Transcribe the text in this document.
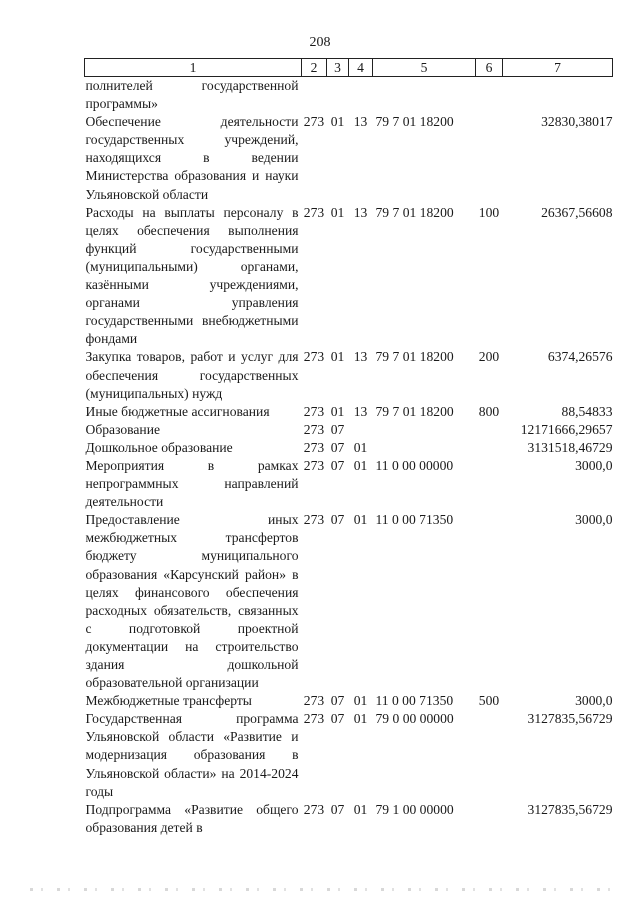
208
1	2	3	4	5	6	7
полнителей государственной программы»						
Обеспечение деятельности государственных учреждений, находящихся в ведении Министерства образования и науки Ульяновской области	273	01	13	79 7 01 18200		32830,38017
Расходы на выплаты персоналу в целях обеспечения выполнения функций государственными (муниципальными) органами, казёнными учреждениями, органами управления государственными внебюджетными фондами	273	01	13	79 7 01 18200	100	26367,56608
Закупка товаров, работ и услуг для обеспечения государственных (муниципальных) нужд	273	01	13	79 7 01 18200	200	6374,26576
Иные бюджетные ассигнования	273	01	13	79 7 01 18200	800	88,54833
Образование	273	07				12171666,29657
Дошкольное образование	273	07	01			3131518,46729
Мероприятия в рамках непрограммных направлений деятельности	273	07	01	11 0 00 00000		3000,0
Предоставление иных межбюджетных трансфертов бюджету муниципального образования «Карсунский район» в целях финансового обеспечения расходных обязательств, связанных с подготовкой проектной документации на строительство здания дошкольной образовательной организации	273	07	01	11 0 00 71350		3000,0
Межбюджетные трансферты	273	07	01	11 0 00 71350	500	3000,0
Государственная программа Ульяновской области «Развитие и модернизация образования в Ульяновской области» на 2014-2024 годы	273	07	01	79 0 00 00000		3127835,56729
Подпрограмма «Развитие общего образования детей в	273	07	01	79 1 00 00000		3127835,56729
